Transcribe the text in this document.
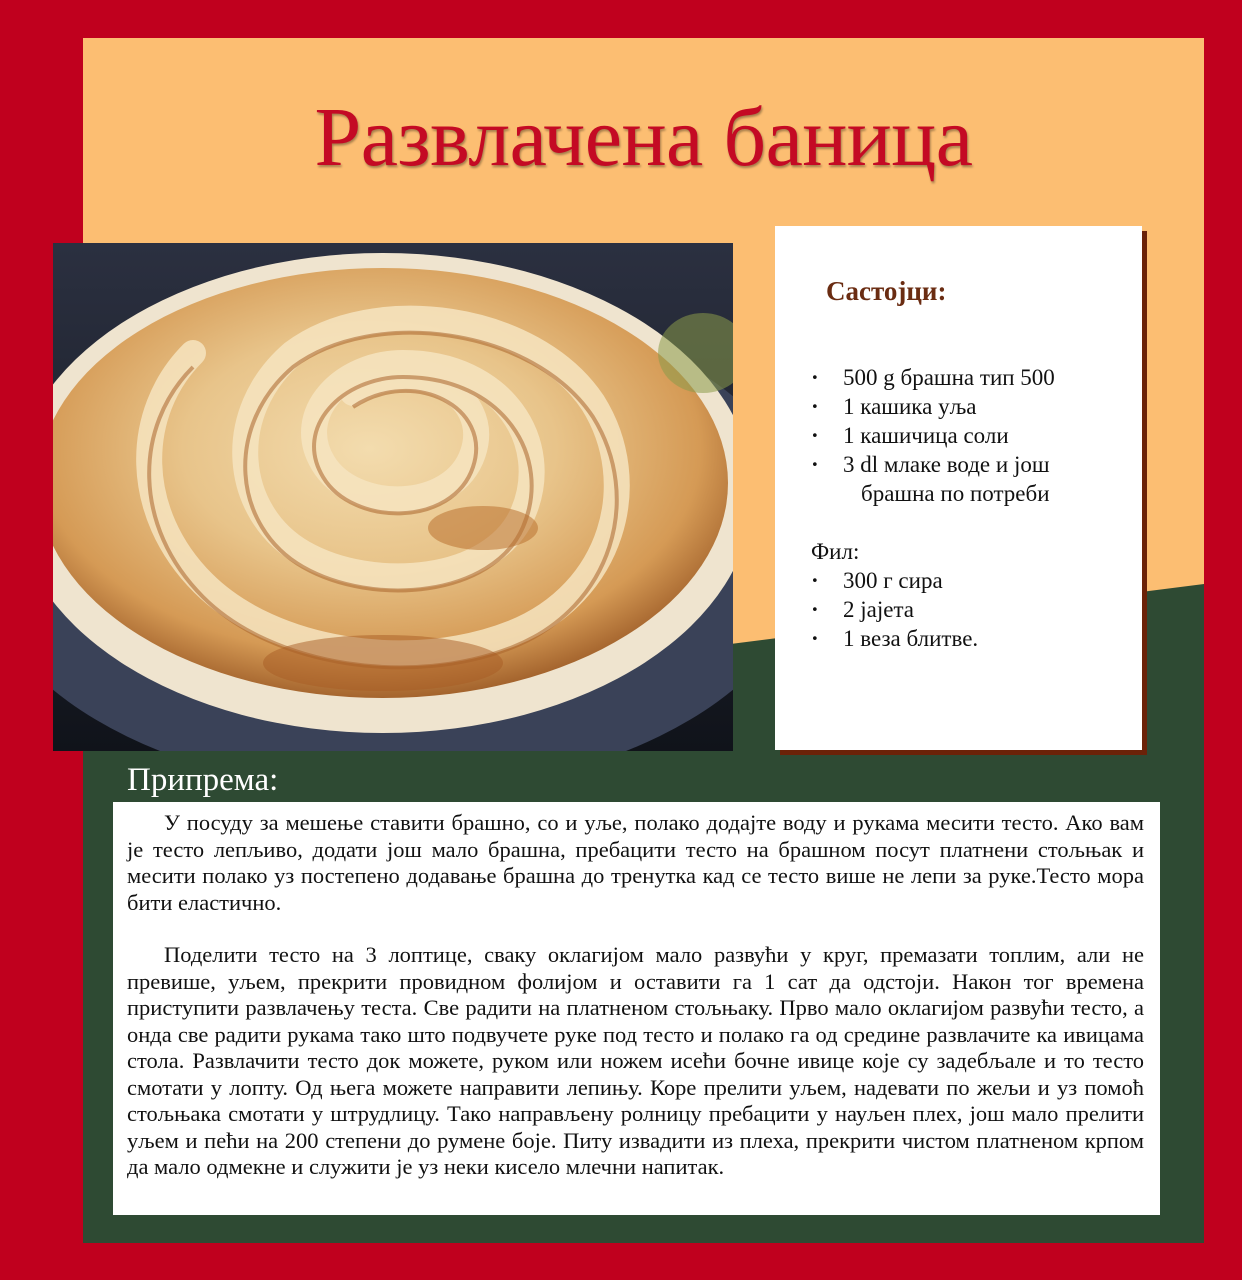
Развлачена баница
Састојци:
· 500 g брашна тип 500
· 1 кашика уља
· 1 кашичица соли
· 3 dl млаке воде и још
брашна по потреби
Фил:
· 300 г сира
· 2 јајета
· 1 веза блитве.
Припрема:

У посуду за мешење ставити брашно, со и уље, полако додајте воду и рукама месити тесто. Ако вам је тесто лепљиво, додати још мало брашна, пребацити тесто на брашном посут платнени стољњак и месити полако уз постепено додавање брашна до тренутка кад се тесто више не лепи за руке.Тесто мора бити еластично.

Поделити тесто на 3 лоптице, сваку оклагијом мало развући у круг, премазати топлим, али не превише, уљем, прекрити провидном фолијом и оставити га 1 сат да одстоји. Након тог времена приступити развлачењу теста. Све радити на платненом стољњаку. Прво мало оклагијом развући тесто, а онда све радити рукама тако што подвучете руке под тесто и полако га од средине развлачите ка ивицама стола. Развлачити тесто док можете, руком или ножем исећи бочне ивице које су задебљале и то тесто смотати у лопту. Од њега можете направити лепињу. Коре прелити уљем, надевати по жељи и уз помоћ стољњака смотати у штрудлицу. Тако направљену ролницу пребацити у науљен плех, још мало прелити уљем и пећи на 200 степени до румене боје. Питу извадити из плеха, прекрити чистом платненом крпом да мало одмекне и служити је уз неки кисело млечни напитак.
